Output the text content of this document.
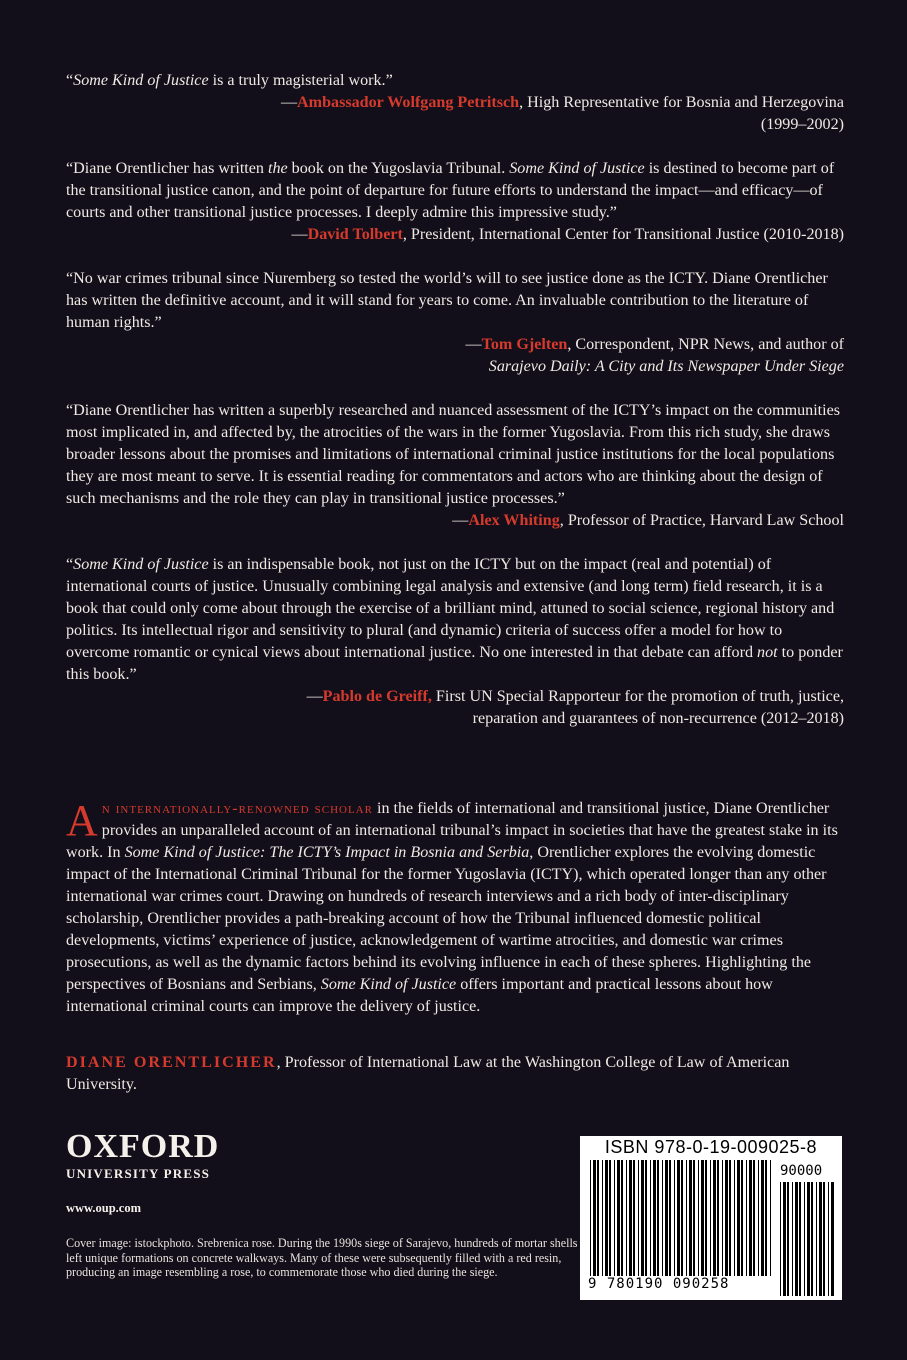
“Some Kind of Justice is a truly magisterial work.”

—Ambassador Wolfgang Petritsch, High Representative for Bosnia and Herzegovina
(1999–2002)

“Diane Orentlicher has written the book on the Yugoslavia Tribunal. Some Kind of Justice is destined to become part of the transitional justice canon, and the point of departure for future efforts to understand the impact—and efficacy—of courts and other transitional justice processes. I deeply admire this impressive study.”

—David Tolbert, President, International Center for Transitional Justice (2010-2018)

“No war crimes tribunal since Nuremberg so tested the world’s will to see justice done as the ICTY. Diane Orentlicher has written the definitive account, and it will stand for years to come. An invaluable contribution to the literature of human rights.”

—Tom Gjelten, Correspondent, NPR News, and author of
Sarajevo Daily: A City and Its Newspaper Under Siege

“Diane Orentlicher has written a superbly researched and nuanced assessment of the ICTY’s impact on the communities most implicated in, and affected by, the atrocities of the wars in the former Yugoslavia. From this rich study, she draws broader lessons about the promises and limitations of international criminal justice institutions for the local populations they are most meant to serve. It is essential reading for commentators and actors who are thinking about the design of such mechanisms and the role they can play in transitional justice processes.”

—Alex Whiting, Professor of Practice, Harvard Law School

“Some Kind of Justice is an indispensable book, not just on the ICTY but on the impact (real and potential) of international courts of justice. Unusually combining legal analysis and extensive (and long term) field research, it is a book that could only come about through the exercise of a brilliant mind, attuned to social science, regional history and politics. Its intellectual rigor and sensitivity to plural (and dynamic) criteria of success offer a model for how to overcome romantic or cynical views about international justice. No one interested in that debate can afford not to ponder this book.”

—Pablo de Greiff, First UN Special Rapporteur for the promotion of truth, justice,
reparation and guarantees of non-recurrence (2012–2018)

An internationally-renowned scholar in the fields of international and transitional justice, Diane Orentlicher provides an unparalleled account of an international tribunal’s impact in societies that have the greatest stake in its work. In Some Kind of Justice: The ICTY’s Impact in Bosnia and Serbia, Orentlicher explores the evolving domestic impact of the International Criminal Tribunal for the former Yugoslavia (ICTY), which operated longer than any other international war crimes court. Drawing on hundreds of research interviews and a rich body of inter-disciplinary scholarship, Orentlicher provides a path-breaking account of how the Tribunal influenced domestic political developments, victims’ experience of justice, acknowledgement of wartime atrocities, and domestic war crimes prosecutions, as well as the dynamic factors behind its evolving influence in each of these spheres. Highlighting the perspectives of Bosnians and Serbians, Some Kind of Justice offers important and practical lessons about how international criminal courts can improve the delivery of justice.

DIANE ORENTLICHER, Professor of International Law at the Washington College of Law of American University.

OXFORD
UNIVERSITY PRESS
www.oup.com

Cover image: istockphoto. Srebrenica rose. During the 1990s siege of Sarajevo, hundreds of mortar shells left unique formations on concrete walkways. Many of these were subsequently filled with a red resin, producing an image resembling a rose, to commemorate those who died during the siege.

ISBN 978-0-19-009025-8
90000
9 780190 090258
